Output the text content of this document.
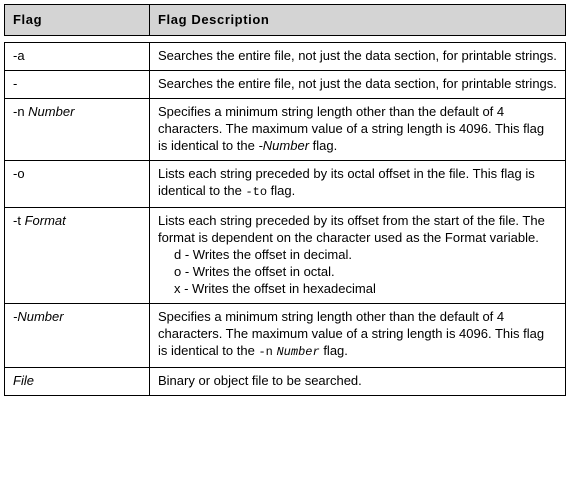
Flag	Flag Description

-a	Searches the entire file, not just the data section, for printable strings.
-	Searches the entire file, not just the data section, for printable strings.
-n Number	Specifies a minimum string length other than the default of 4 characters. The maximum value of a string length is 4096. This flag is identical to the -Number flag.
-o	Lists each string preceded by its octal offset in the file. This flag is identical to the -to flag.
-t Format	Lists each string preceded by its offset from the start of the file. The format is dependent on the character used as the Format variable.
d - Writes the offset in decimal.
o - Writes the offset in octal.
x - Writes the offset in hexadecimal

-Number	Specifies a minimum string length other than the default of 4 characters. The maximum value of a string length is 4096. This flag is identical to the -n Number flag.
File	Binary or object file to be searched.
